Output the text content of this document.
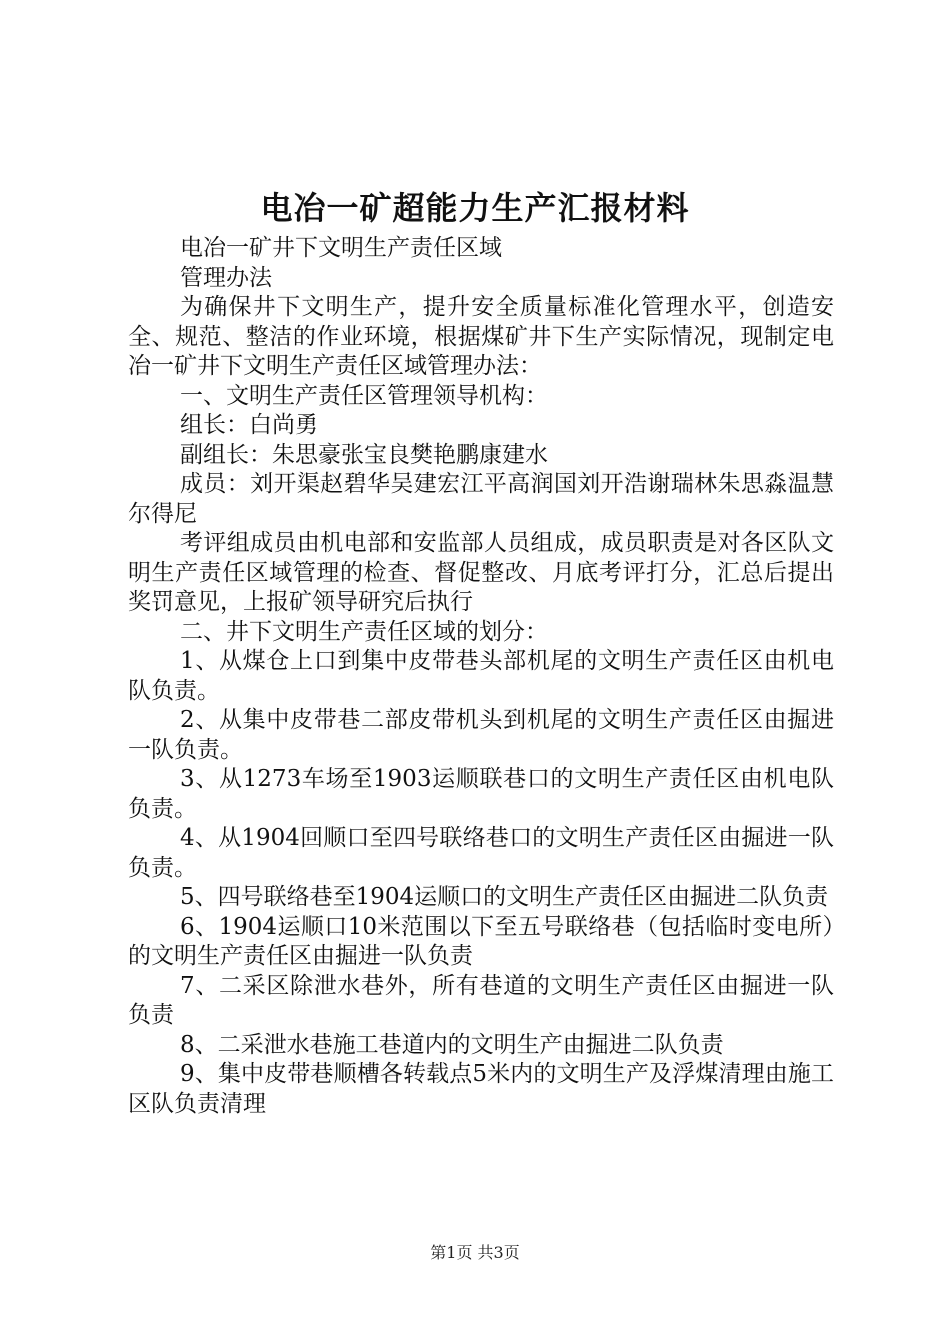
电冶一矿超能力生产汇报材料

电冶一矿井下文明生产责任区域

管理办法

为确保井下文明生产，提升安全质量标准化管理水平，创造安全、规范、整洁的作业环境，根据煤矿井下生产实际情况，现制定电冶一矿井下文明生产责任区域管理办法：

一、文明生产责任区管理领导机构：

组长：白尚勇

副组长：朱思豪张宝良樊艳鹏康建水

成员：刘开渠赵碧华吴建宏江平高润国刘开浩谢瑞林朱思淼温慧尔得尼

考评组成员由机电部和安监部人员组成，成员职责是对各区队文明生产责任区域管理的检查、督促整改、月底考评打分，汇总后提出奖罚意见，上报矿领导研究后执行

二、井下文明生产责任区域的划分：

1、从煤仓上口到集中皮带巷头部机尾的文明生产责任区由机电队负责。

2、从集中皮带巷二部皮带机头到机尾的文明生产责任区由掘进一队负责。

3、从1273车场至1903运顺联巷口的文明生产责任区由机电队负责。

4、从1904回顺口至四号联络巷口的文明生产责任区由掘进一队负责。

5、四号联络巷至1904运顺口的文明生产责任区由掘进二队负责

6、1904运顺口10米范围以下至五号联络巷（包括临时变电所）的文明生产责任区由掘进一队负责

7、二采区除泄水巷外，所有巷道的文明生产责任区由掘进一队负责

8、二采泄水巷施工巷道内的文明生产由掘进二队负责

9、集中皮带巷顺槽各转载点5米内的文明生产及浮煤清理由施工区队负责清理

第1页 共3页
